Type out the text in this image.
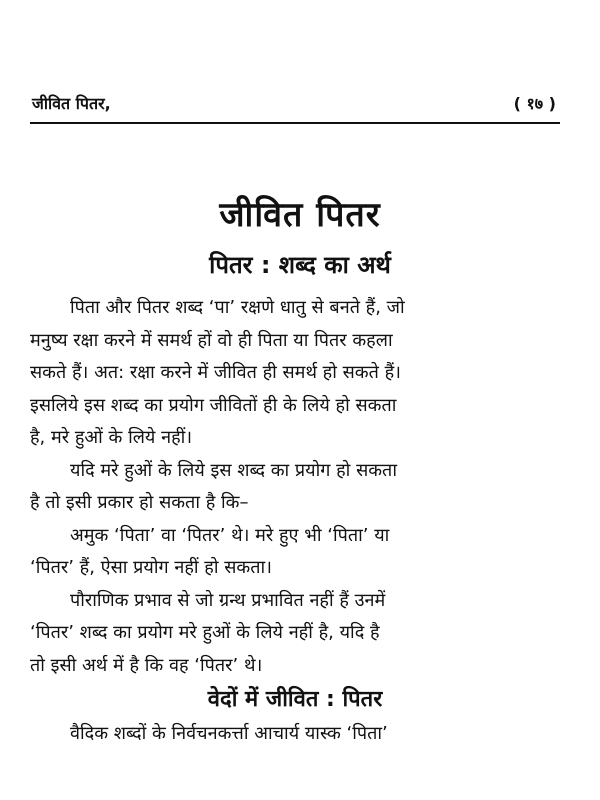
जीवित पितर,	( १७ )
जीवित पितर
पितर : शब्द का अर्थ

पिता और पितर शब्द ‘पा’ रक्षणे धातु से बनते हैं, जो
मनुष्य रक्षा करने में समर्थ हों वो ही पिता या पितर कहला
सकते हैं। अत: रक्षा करने में जीवित ही समर्थ हो सकते हैं।
इसलिये इस शब्द का प्रयोग जीवितों ही के लिये हो सकता
है, मरे हुओं के लिये नहीं।

यदि मरे हुओं के लिये इस शब्द का प्रयोग हो सकता
है तो इसी प्रकार हो सकता है कि–

अमुक ‘पिता’ वा ‘पितर’ थे। मरे हुए भी ‘पिता’ या
‘पितर’ हैं, ऐसा प्रयोग नहीं हो सकता।

पौराणिक प्रभाव से जो ग्रन्थ प्रभावित नहीं हैं उनमें
‘पितर’ शब्द का प्रयोग मरे हुओं के लिये नहीं है, यदि है
तो इसी अर्थ में है कि वह ‘पितर’ थे।

वेदों में जीवित : पितर

वैदिक शब्दों के निर्वचनकर्त्ता आचार्य यास्क ‘पिता’
